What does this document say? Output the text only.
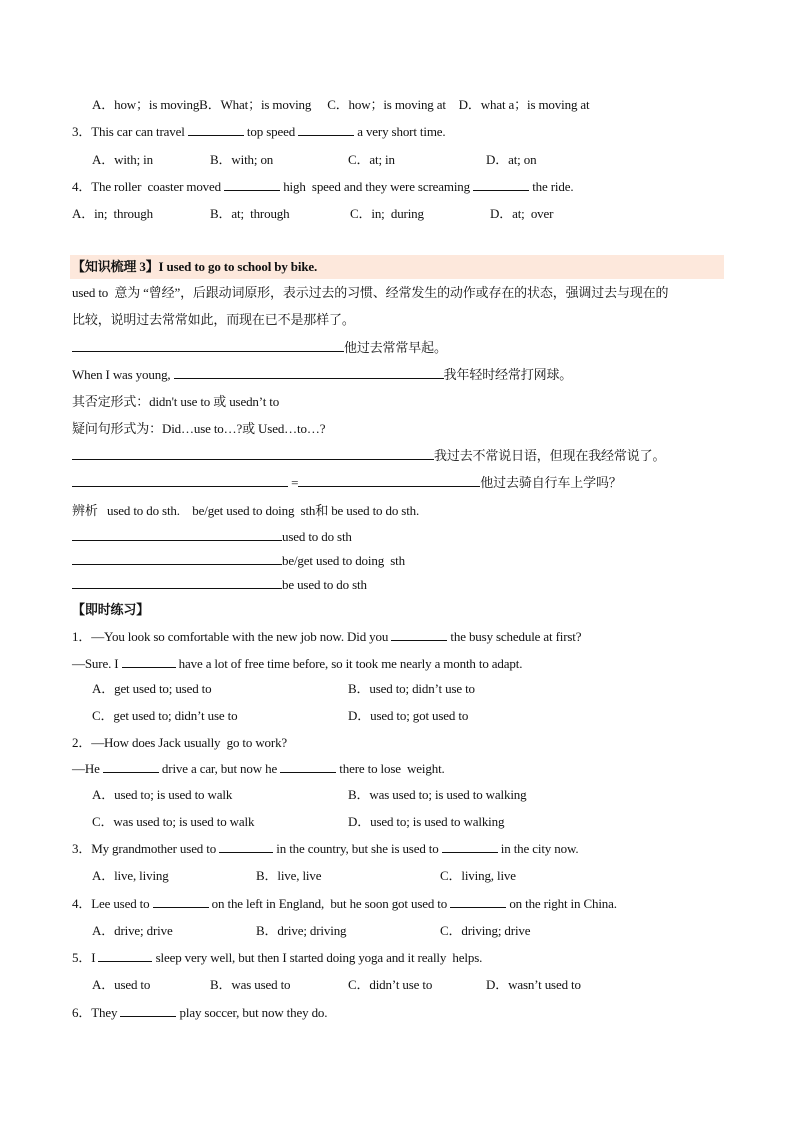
A．how；is movingB．What；is moving　 C．how；is moving at　D．what a；is moving at
3．This car can travel	top speed	a very short time.
A．with; in	B．with; on	C．at; in	D．at; on
4．The roller  coaster moved	high  speed and they were screaming	the ride.
A．in;  through	B．at;  through	C．in;  during	D．at;  over
【知识梳理 3】I used to go to school by bike.
used to  意为 “曾经”，后跟动词原形，表示过去的习惯、经常发生的动作或存在的状态，强调过去与现在的
比较，说明过去常常如此，而现在已不是那样了。
他过去常常早起。
When I was young,	我年轻时经常打网球。
其否定形式：didn't use to 或 usedn’t to
疑问句形式为：Did…use to…?或 Used…to…?
我过去不常说日语，但现在我经常说了。
=	他过去骑自行车上学吗？
辨析   used to do sth.    be/get used to doing  sth和 be used to do sth.
used to do sth
be/get used to doing  sth
be used to do sth
【即时练习】
1．—You look so comfortable with the new job now. Did you	the busy schedule at first?
—Sure. I	have a lot of free time before, so it took me nearly a month to adapt.
A．get used to; used to	B．used to; didn’t use to
C．get used to; didn’t use to	D．used to; got used to
2．—How does Jack usually  go to work?
—He	drive a car, but now he	there to lose  weight.
A．used to; is used to walk	B．was used to; is used to walking
C．was used to; is used to walk	D．used to; is used to walking
3．My grandmother used to	in the country, but she is used to	in the city now.
A．live, living	B．live, live	C．living, live
4．Lee used to	on the left in England,  but he soon got used to	on the right in China.
A．drive; drive	B．drive; driving	C．driving; drive
5．I	sleep very well, but then I started doing yoga and it really  helps.
A．used to	B．was used to	C．didn’t use to	D．wasn’t used to
6．They	play soccer, but now they do.
